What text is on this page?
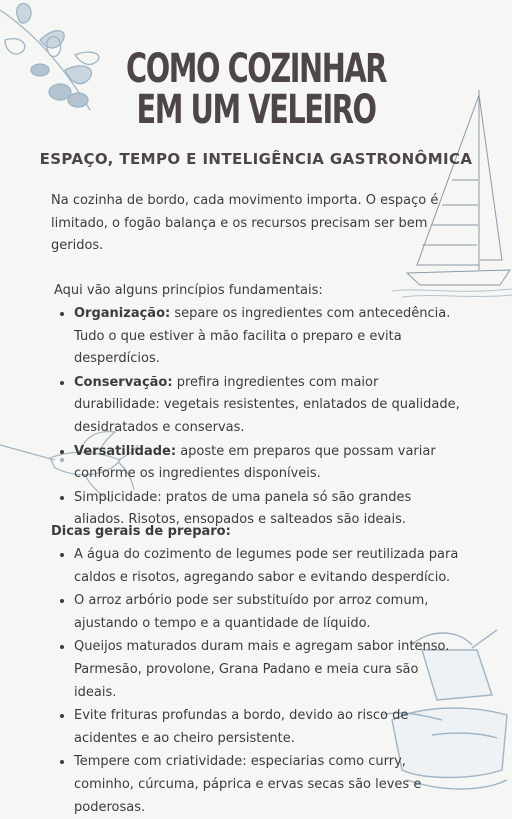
COMO COZINHAR
EM UM VELEIRO
ESPAÇO, TEMPO E INTELIGÊNCIA GASTRONÔMICA
Na cozinha de bordo, cada movimento importa. O espaço é limitado, o fogão balança e os recursos precisam ser bem geridos.
Aqui vão alguns princípios fundamentais:
• Organização: separe os ingredientes com antecedência. Tudo o que estiver à mão facilita o preparo e evita desperdícios.
• Conservação: prefira ingredientes com maior durabilidade: vegetais resistentes, enlatados de qualidade, desidratados e conservas.
• Versatilidade: aposte em preparos que possam variar conforme os ingredientes disponíveis.
• Simplicidade: pratos de uma panela só são grandes aliados. Risotos, ensopados e salteados são ideais.
Dicas gerais de preparo:
• A água do cozimento de legumes pode ser reutilizada para caldos e risotos, agregando sabor e evitando desperdício.
• O arroz arbório pode ser substituído por arroz comum, ajustando o tempo e a quantidade de líquido.
• Queijos maturados duram mais e agregam sabor intenso. Parmesão, provolone, Grana Padano e meia cura são ideais.
• Evite frituras profundas a bordo, devido ao risco de acidentes e ao cheiro persistente.
• Tempere com criatividade: especiarias como curry, cominho, cúrcuma, páprica e ervas secas são leves e poderosas.
